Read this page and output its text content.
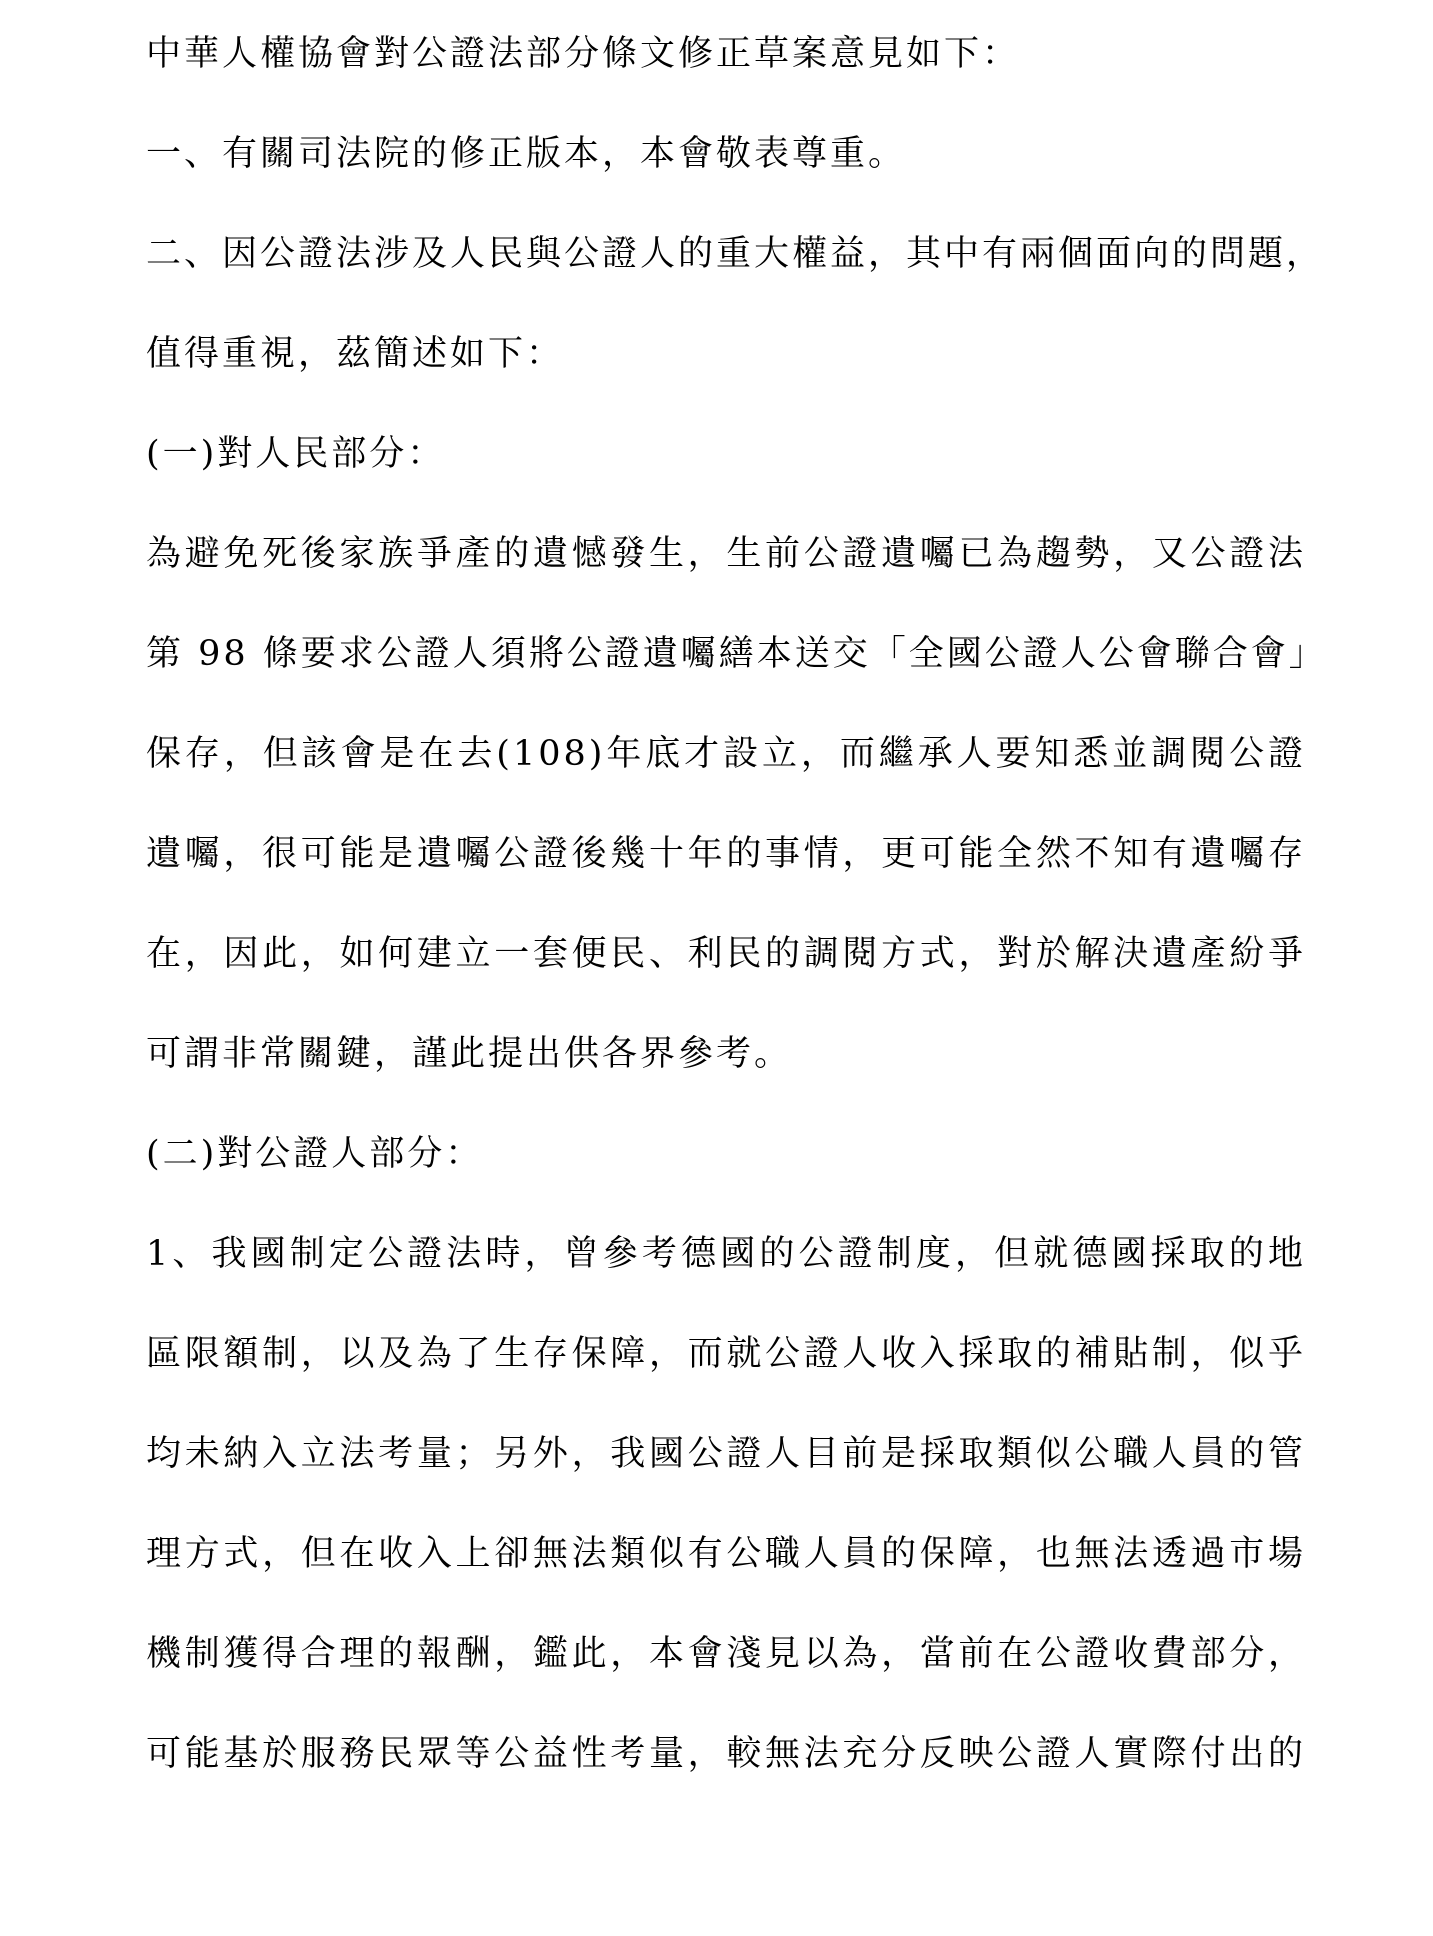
中華人權協會對公證法部分條文修正草案意見如下：

一、有關司法院的修正版本，本會敬表尊重。

二、因公證法涉及人民與公證人的重大權益，其中有兩個面向的問題，

值得重視，茲簡述如下：

(一)對人民部分：

為避免死後家族爭產的遺憾發生，生前公證遺囑已為趨勢，又公證法

第 98 條要求公證人須將公證遺囑繕本送交「全國公證人公會聯合會」

保存，但該會是在去(108)年底才設立，而繼承人要知悉並調閱公證

遺囑，很可能是遺囑公證後幾十年的事情，更可能全然不知有遺囑存

在，因此，如何建立一套便民、利民的調閱方式，對於解決遺產紛爭

可謂非常關鍵，謹此提出供各界參考。

(二)對公證人部分：

1、我國制定公證法時，曾參考德國的公證制度，但就德國採取的地

區限額制，以及為了生存保障，而就公證人收入採取的補貼制，似乎

均未納入立法考量；另外，我國公證人目前是採取類似公職人員的管

理方式，但在收入上卻無法類似有公職人員的保障，也無法透過市場

機制獲得合理的報酬，鑑此，本會淺見以為，當前在公證收費部分，

可能基於服務民眾等公益性考量，較無法充分反映公證人實際付出的
